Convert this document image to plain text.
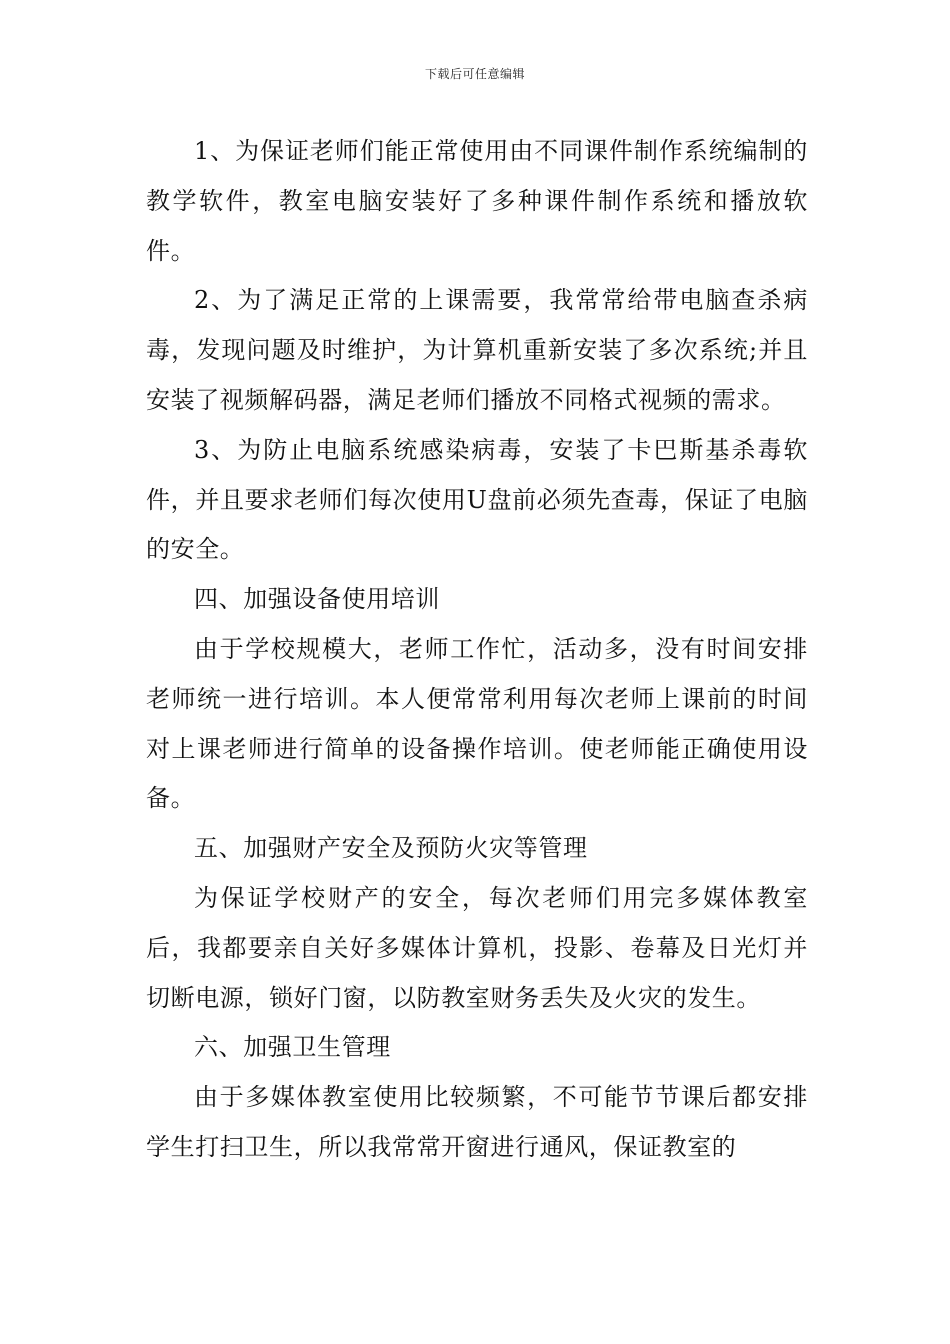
下载后可任意编辑

1、为保证老师们能正常使用由不同课件制作系统编制的教学软件，教室电脑安装好了多种课件制作系统和播放软件。

2、为了满足正常的上课需要，我常常给带电脑查杀病毒，发现问题及时维护，为计算机重新安装了多次系统;并且安装了视频解码器，满足老师们播放不同格式视频的需求。

3、为防止电脑系统感染病毒，安装了卡巴斯基杀毒软件，并且要求老师们每次使用U盘前必须先查毒，保证了电脑的安全。

四、加强设备使用培训

由于学校规模大，老师工作忙，活动多，没有时间安排老师统一进行培训。本人便常常利用每次老师上课前的时间对上课老师进行简单的设备操作培训。使老师能正确使用设备。

五、加强财产安全及预防火灾等管理

为保证学校财产的安全，每次老师们用完多媒体教室后，我都要亲自关好多媒体计算机，投影、卷幕及日光灯并切断电源，锁好门窗，以防教室财务丢失及火灾的发生。

六、加强卫生管理

由于多媒体教室使用比较频繁，不可能节节课后都安排学生打扫卫生，所以我常常开窗进行通风，保证教室的
